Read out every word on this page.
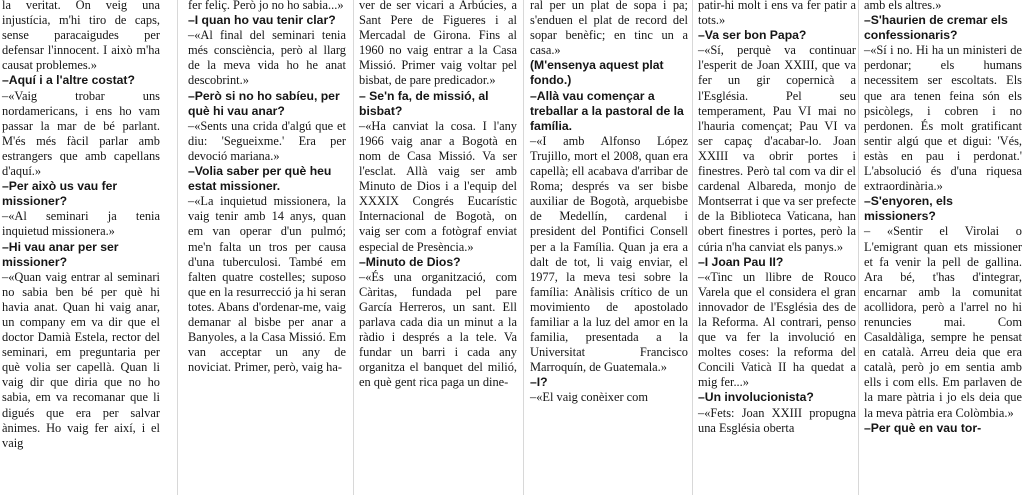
la veritat. On veig una injustícia, m'hi tiro de caps, sense paracaigudes per defensar l'innocent. I això m'ha causat problemes.»

–Aquí i a l'altre costat?

–«Vaig trobar uns nordamericans, i ens ho vam passar la mar de bé parlant. M'és més fàcil parlar amb estrangers que amb capellans d'aquí.»

–Per això us vau fer missioner?

–«Al seminari ja tenia inquietud missionera.»

–Hi vau anar per ser missioner?

–«Quan vaig entrar al seminari no sabia ben bé per què hi havia anat. Quan hi vaig anar, un company em va dir que el doctor Damià Estela, rector del seminari, em preguntaria per què volia ser capellà. Quan li vaig dir que diria que no ho sabia, em va recomanar que li digués que era per salvar ànimes. Ho vaig fer així, i el vaig

fer feliç. Però jo no ho sabia...»

–I quan ho vau tenir clar?

–«Al final del seminari tenia més consciència, però al llarg de la meva vida ho he anat descobrint.»

–Però si no ho sabíeu, per què hi vau anar?

–«Sents una crida d'algú que et diu: 'Segueixme.' Era per devoció mariana.»

–Volia saber per què heu estat missioner.

–«La inquietud missionera, la vaig tenir amb 14 anys, quan em van operar d'un pulmó; me'n falta un tros per causa d'una tuberculosi. També em falten quatre costelles; suposo que en la resurrecció ja hi seran totes. Abans d'ordenar-me, vaig demanar al bisbe per anar a Banyoles, a la Casa Missió. Em van acceptar un any de noviciat. Primer, però, vaig ha-

ver de ser vicari a Arbúcies, a Sant Pere de Figueres i al Mercadal de Girona. Fins al 1960 no vaig entrar a la Casa Missió. Primer vaig voltar pel bisbat, de pare predicador.»

– Se'n fa, de missió, al bisbat?

–«Ha canviat la cosa. I l'any 1966 vaig anar a Bogotà en nom de Casa Missió. Va ser l'esclat. Allà vaig ser amb Minuto de Dios i a l'equip del XXXIX Congrés Eucarístic Internacional de Bogotà, on vaig ser com a fotògraf enviat especial de Presència.»

–Minuto de Dios?

–«És una organització, com Càritas, fundada pel pare García Herreros, un sant. Ell parlava cada dia un minut a la ràdio i després a la tele. Va fundar un barri i cada any organitza el banquet del milió, en què gent rica paga un dine-

ral per un plat de sopa i pa; s'enduen el plat de record del sopar benèfic; en tinc un a casa.»

(M'ensenya aquest plat fondo.)

–Allà vau començar a treballar a la pastoral de la família.

–«I amb Alfonso López Trujillo, mort el 2008, quan era capellà; ell acabava d'arribar de Roma; després va ser bisbe auxiliar de Bogotà, arquebisbe de Medellín, cardenal i president del Pontifici Consell per a la Família. Quan ja era a dalt de tot, li vaig enviar, el 1977, la meva tesi sobre la família: Anàlisis crítico de un movimiento de apostolado familiar a la luz del amor en la familia, presentada a la Universitat Francisco Marroquín, de Guatemala.»

–I?

–«El vaig conèixer com

patir-hi molt i ens va fer patir a tots.»

–Va ser bon Papa?

–«Sí, perquè va continuar l'esperit de Joan XXIII, que va fer un gir copernicà a l'Església. Pel seu temperament, Pau VI mai no l'hauria començat; Pau VI va ser capaç d'acabar-lo. Joan XXIII va obrir portes i finestres. Però tal com va dir el cardenal Albareda, monjo de Montserrat i que va ser prefecte de la Biblioteca Vaticana, han obert finestres i portes, però la cúria n'ha canviat els panys.»

–I Joan Pau II?

–«Tinc un llibre de Rouco Varela que el considera el gran innovador de l'Església des de la Reforma. Al contrari, penso que va fer la involució en moltes coses: la reforma del Concili Vaticà II ha quedat a mig fer...»

–Un involucionista?

–«Fets: Joan XXIII propugna una Església oberta

amb els altres.»

–S'haurien de cremar els confessionaris?

–«Sí i no. Hi ha un ministeri de perdonar; els humans necessitem ser escoltats. Els que ara tenen feina són els psicòlegs, i cobren i no perdonen. És molt gratificant sentir algú que et digui: 'Vés, estàs en pau i perdonat.' L'absolució és d'una riquesa extraordinària.»

–S'enyoren, els missioners?

– «Sentir el Virolai o L'emigrant quan ets missioner et fa venir la pell de gallina. Ara bé, t'has d'integrar, encarnar amb la comunitat acollidora, però a l'arrel no hi renuncies mai. Com Casaldàliga, sempre he pensat en català. Arreu deia que era català, però jo em sentia amb ells i com ells. Em parlaven de la mare pàtria i jo els deia que la meva pàtria era Colòmbia.»

–Per què en vau tor-
